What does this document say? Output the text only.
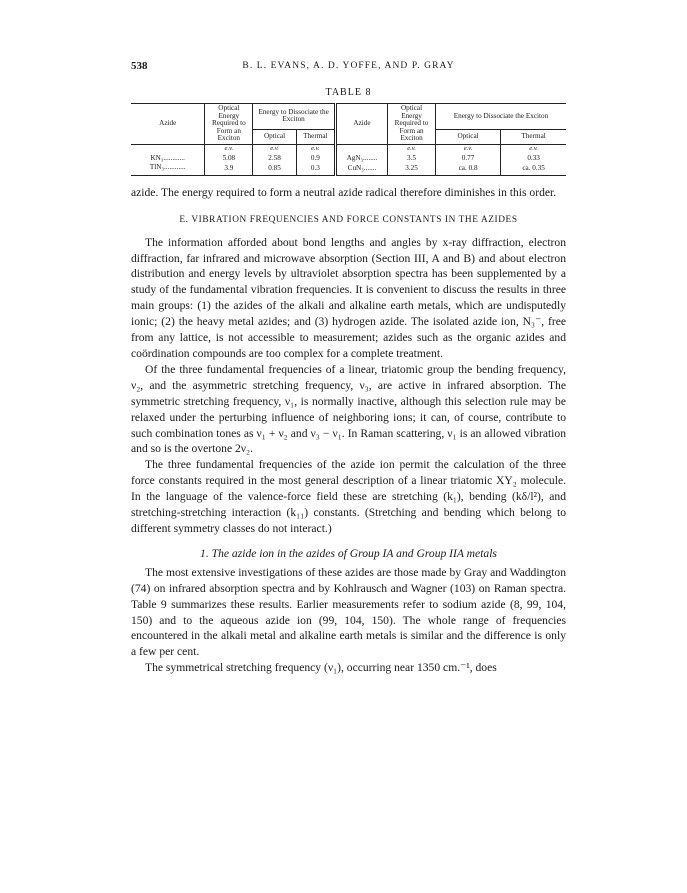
538	B. L. EVANS, A. D. YOFFE, AND P. GRAY
TABLE 8
Azide	Optical Energy Required to Form an Exciton	Energy to Dissociate the Exciton		Azide	Optical Energy Required to Form an Exciton	Energy to Dissociate the Exciton	
		Optical	Thermal			Optical	Thermal
	e.v.	e.v.	e.v.		e.v.	e.v.	e.v.
KN₃............	5.08	2.58	0.9	AgN₃........	3.5	0.77	0.33
TlN₃............	3.9	0.85	0.3	CuN₃.......	3.25	ca. 0.8	ca. 0.35

azide. The energy required to form a neutral azide radical therefore diminishes in this order.

E. VIBRATION FREQUENCIES AND FORCE CONSTANTS IN THE AZIDES

The information afforded about bond lengths and angles by x-ray diffraction, electron diffraction, far infrared and microwave absorption (Section III, A and B) and about electron distribution and energy levels by ultraviolet absorption spectra has been supplemented by a study of the fundamental vibration frequencies. It is convenient to discuss the results in three main groups: (1) the azides of the alkali and alkaline earth metals, which are undisputedly ionic; (2) the heavy metal azides; and (3) hydrogen azide. The isolated azide ion, N₃⁻, free from any lattice, is not accessible to measurement; azides such as the organic azides and coördination compounds are too complex for a complete treatment.

Of the three fundamental frequencies of a linear, triatomic group the bending frequency, ν₂, and the asymmetric stretching frequency, ν₃, are active in infrared absorption. The symmetric stretching frequency, ν₁, is normally inactive, although this selection rule may be relaxed under the perturbing influence of neighboring ions; it can, of course, contribute to such combination tones as ν₁ + ν₂ and ν₃ − ν₁. In Raman scattering, ν₁ is an allowed vibration and so is the overtone 2ν₂.

The three fundamental frequencies of the azide ion permit the calculation of the three force constants required in the most general description of a linear triatomic XY₂ molecule. In the language of the valence-force field these are stretching (k₁), bending (kδ/l²), and stretching-stretching interaction (k₁₁) constants. (Stretching and bending which belong to different symmetry classes do not interact.)

1. The azide ion in the azides of Group IA and Group IIA metals

The most extensive investigations of these azides are those made by Gray and Waddington (74) on infrared absorption spectra and by Kohlrausch and Wagner (103) on Raman spectra. Table 9 summarizes these results. Earlier measurements refer to sodium azide (8, 99, 104, 150) and to the aqueous azide ion (99, 104, 150). The whole range of frequencies encountered in the alkali metal and alkaline earth metals is similar and the difference is only a few per cent.

The symmetrical stretching frequency (ν₁), occurring near 1350 cm.⁻¹, does
